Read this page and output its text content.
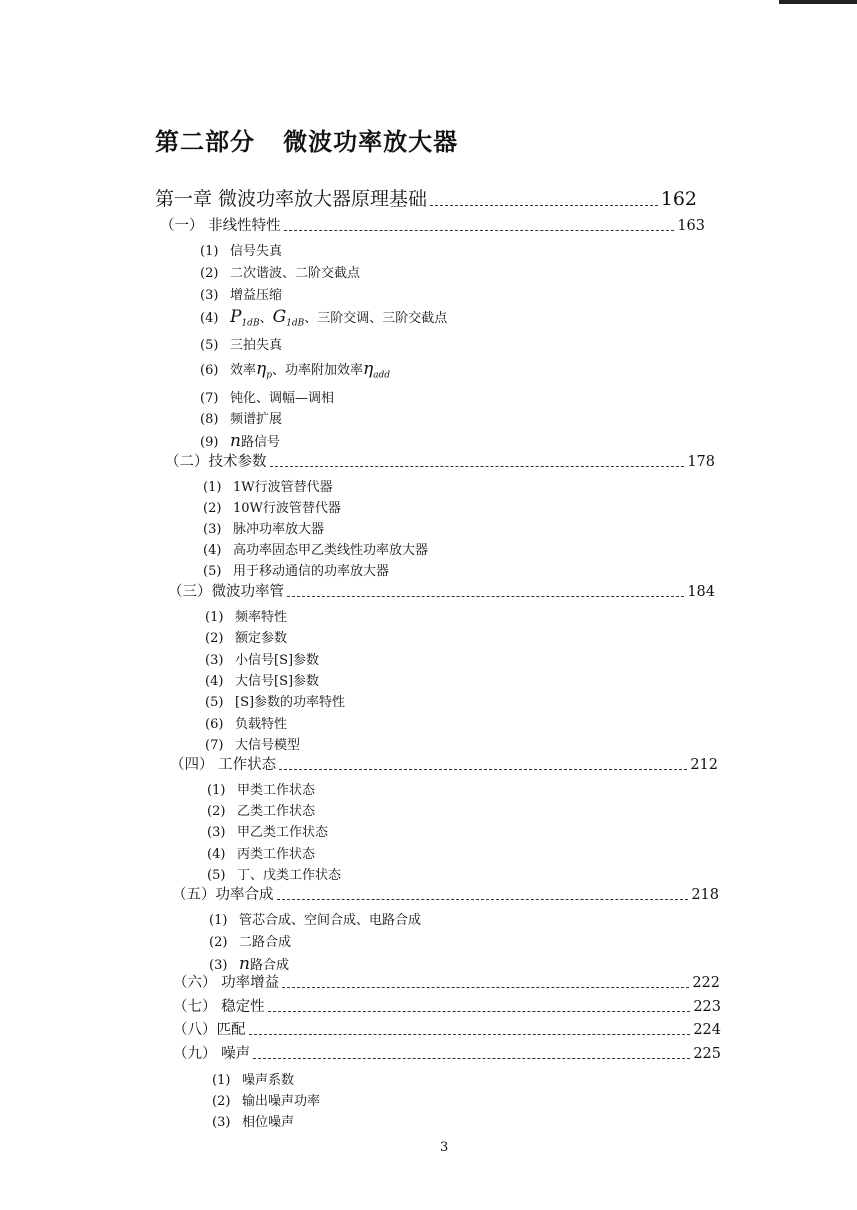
第二部分   微波功率放大器
第一章 微波功率放大器原理基础	162
（一） 非线性特性	163
(1) 信号失真
(2) 二次谐波、二阶交截点
(3) 增益压缩
(4) $P_{1dB}$、$G_{1dB}$、三阶交调、三阶交截点
(5) 三拍失真
(6) 效率$\eta_p$、功率附加效率$\eta_{add}$
(7) 钝化、调幅—调相
(8) 频谱扩展
(9) n路信号
（二）技术参数	178
(1) 1W行波管替代器
(2) 10W行波管替代器
(3) 脉冲功率放大器
(4) 高功率固态甲乙类线性功率放大器
(5) 用于移动通信的功率放大器
（三）微波功率管	184
(1) 频率特性
(2) 额定参数
(3) 小信号[S]参数
(4) 大信号[S]参数
(5) [S]参数的功率特性
(6) 负载特性
(7) 大信号模型
（四） 工作状态	212
(1) 甲类工作状态
(2) 乙类工作状态
(3) 甲乙类工作状态
(4) 丙类工作状态
(5) 丁、戊类工作状态
（五）功率合成	218
(1) 管芯合成、空间合成、电路合成
(2) 二路合成
(3) n路合成
（六） 功率增益	222
（七） 稳定性	223
（八）匹配	224
（九） 噪声	225
(1) 噪声系数
(2) 输出噪声功率
(3) 相位噪声
3
